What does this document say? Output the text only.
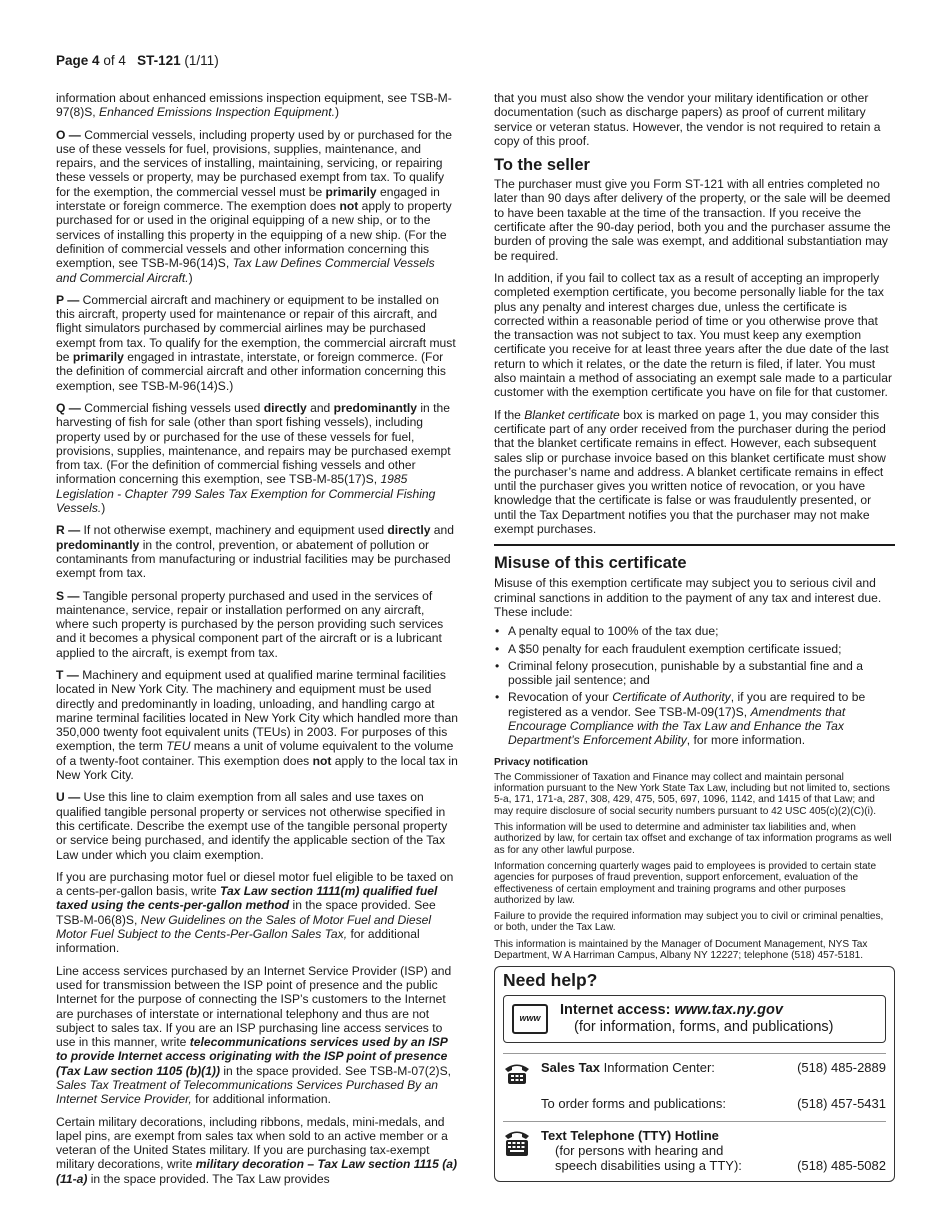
Page 4 of 4 ST-121 (1/11)

information about enhanced emissions inspection equipment, see TSB-M-97(8)S, Enhanced Emissions Inspection Equipment.)

O — Commercial vessels, including property used by or purchased for the use of these vessels for fuel, provisions, supplies, maintenance, and repairs, and the services of installing, maintaining, servicing, or repairing these vessels or property, may be purchased exempt from tax. To qualify for the exemption, the commercial vessel must be primarily engaged in interstate or foreign commerce. The exemption does not apply to property purchased for or used in the original equipping of a new ship, or to the services of installing this property in the equipping of a new ship. (For the definition of commercial vessels and other information concerning this exemption, see TSB-M-96(14)S, Tax Law Defines Commercial Vessels and Commercial Aircraft.)

P — Commercial aircraft and machinery or equipment to be installed on this aircraft, property used for maintenance or repair of this aircraft, and flight simulators purchased by commercial airlines may be purchased exempt from tax. To qualify for the exemption, the commercial aircraft must be primarily engaged in intrastate, interstate, or foreign commerce. (For the definition of commercial aircraft and other information concerning this exemption, see TSB-M-96(14)S.)

Q — Commercial fishing vessels used directly and predominantly in the harvesting of fish for sale (other than sport fishing vessels), including property used by or purchased for the use of these vessels for fuel, provisions, supplies, maintenance, and repairs may be purchased exempt from tax. (For the definition of commercial fishing vessels and other information concerning this exemption, see TSB-M-85(17)S, 1985 Legislation - Chapter 799 Sales Tax Exemption for Commercial Fishing Vessels.)

R — If not otherwise exempt, machinery and equipment used directly and predominantly in the control, prevention, or abatement of pollution or contaminants from manufacturing or industrial facilities may be purchased exempt from tax.

S — Tangible personal property purchased and used in the services of maintenance, service, repair or installation performed on any aircraft, where such property is purchased by the person providing such services and it becomes a physical component part of the aircraft or is a lubricant applied to the aircraft, is exempt from tax.

T — Machinery and equipment used at qualified marine terminal facilities located in New York City. The machinery and equipment must be used directly and predominantly in loading, unloading, and handling cargo at marine terminal facilities located in New York City which handled more than 350,000 twenty foot equivalent units (TEUs) in 2003. For purposes of this exemption, the term TEU means a unit of volume equivalent to the volume of a twenty-foot container. This exemption does not apply to the local tax in New York City.

U — Use this line to claim exemption from all sales and use taxes on qualified tangible personal property or services not otherwise specified in this certificate. Describe the exempt use of the tangible personal property or service being purchased, and identify the applicable section of the Tax Law under which you claim exemption.

If you are purchasing motor fuel or diesel motor fuel eligible to be taxed on a cents-per-gallon basis, write Tax Law section 1111(m) qualified fuel taxed using the cents-per-gallon method in the space provided. See TSB-M-06(8)S, New Guidelines on the Sales of Motor Fuel and Diesel Motor Fuel Subject to the Cents-Per-Gallon Sales Tax, for additional information.

Line access services purchased by an Internet Service Provider (ISP) and used for transmission between the ISP point of presence and the public Internet for the purpose of connecting the ISP’s customers to the Internet are purchases of interstate or international telephony and thus are not subject to sales tax. If you are an ISP purchasing line access services to use in this manner, write telecommunications services used by an ISP to provide Internet access originating with the ISP point of presence (Tax Law section 1105 (b)(1)) in the space provided. See TSB-M-07(2)S, Sales Tax Treatment of Telecommunications Services Purchased By an Internet Service Provider, for additional information.

Certain military decorations, including ribbons, medals, mini-medals, and lapel pins, are exempt from sales tax when sold to an active member or a veteran of the United States military. If you are purchasing tax-exempt military decorations, write military decoration – Tax Law section 1115 (a)(11-a) in the space provided. The Tax Law provides

that you must also show the vendor your military identification or other documentation (such as discharge papers) as proof of current military service or veteran status. However, the vendor is not required to retain a copy of this proof.

To the seller

The purchaser must give you Form ST-121 with all entries completed no later than 90 days after delivery of the property, or the sale will be deemed to have been taxable at the time of the transaction. If you receive the certificate after the 90-day period, both you and the purchaser assume the burden of proving the sale was exempt, and additional substantiation may be required.

In addition, if you fail to collect tax as a result of accepting an improperly completed exemption certificate, you become personally liable for the tax plus any penalty and interest charges due, unless the certificate is corrected within a reasonable period of time or you otherwise prove that the transaction was not subject to tax. You must keep any exemption certificate you receive for at least three years after the due date of the last return to which it relates, or the date the return is filed, if later. You must also maintain a method of associating an exempt sale made to a particular customer with the exemption certificate you have on file for that customer.

If the Blanket certificate box is marked on page 1, you may consider this certificate part of any order received from the purchaser during the period that the blanket certificate remains in effect. However, each subsequent sales slip or purchase invoice based on this blanket certificate must show the purchaser’s name and address. A blanket certificate remains in effect until the purchaser gives you written notice of revocation, or you have knowledge that the certificate is false or was fraudulently presented, or until the Tax Department notifies you that the purchaser may not make exempt purchases.

Misuse of this certificate

Misuse of this exemption certificate may subject you to serious civil and criminal sanctions in addition to the payment of any tax and interest due. These include:

• A penalty equal to 100% of the tax due;
• A $50 penalty for each fraudulent exemption certificate issued;
• Criminal felony prosecution, punishable by a substantial fine and a possible jail sentence; and
• Revocation of your Certificate of Authority, if you are required to be registered as a vendor. See TSB-M-09(17)S, Amendments that Encourage Compliance with the Tax Law and Enhance the Tax Department’s Enforcement Ability, for more information.
Privacy notification

The Commissioner of Taxation and Finance may collect and maintain personal information pursuant to the New York State Tax Law, including but not limited to, sections 5-a, 171, 171-a, 287, 308, 429, 475, 505, 697, 1096, 1142, and 1415 of that Law; and may require disclosure of social security numbers pursuant to 42 USC 405(c)(2)(C)(i).

This information will be used to determine and administer tax liabilities and, when authorized by law, for certain tax offset and exchange of tax information programs as well as for any other lawful purpose.

Information concerning quarterly wages paid to employees is provided to certain state agencies for purposes of fraud prevention, support enforcement, evaluation of the effectiveness of certain employment and training programs and other purposes authorized by law.

Failure to provide the required information may subject you to civil or criminal penalties, or both, under the Tax Law.

This information is maintained by the Manager of Document Management, NYS Tax Department, W A Harriman Campus, Albany NY 12227; telephone (518) 457-5181.

Need help?
www
Internet access: www.tax.ny.gov
(for information, forms, and publications)
Sales Tax Information Center:	(518) 485-2889
To order forms and publications:	(518) 457-5431
Text Telephone (TTY) Hotline
(for persons with hearing and
speech disabilities using a TTY):	(518) 485-5082
